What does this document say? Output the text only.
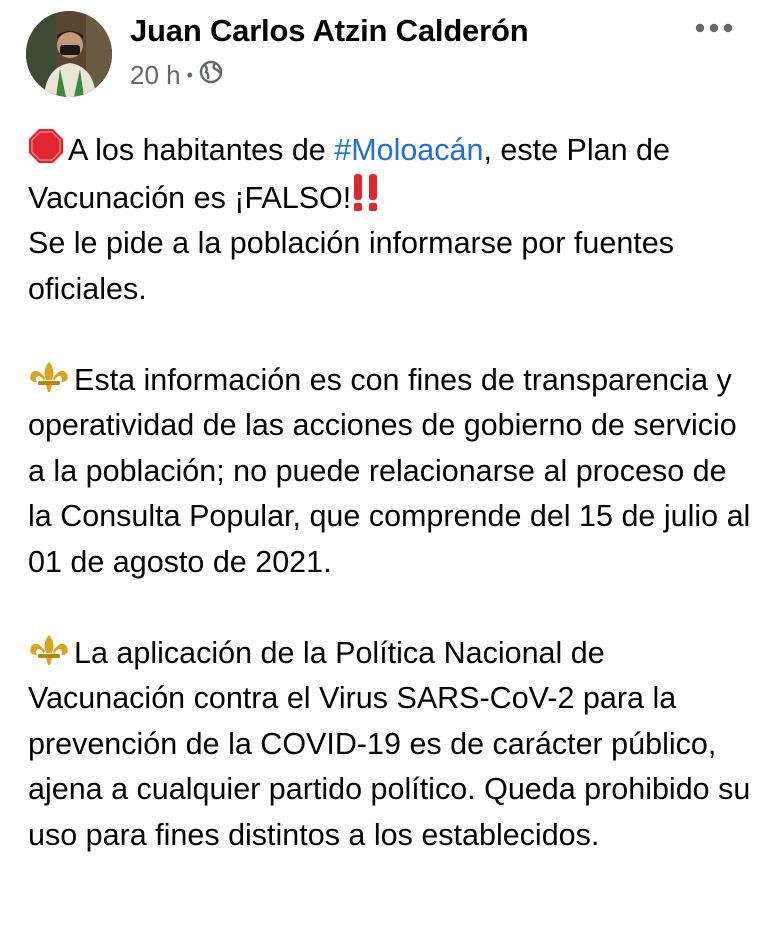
Juan Carlos Atzin Calderón
20 h •

A los habitantes de #Moloacán, este Plan de Vacunación es ¡FALSO!

Se le pide a la población informarse por fuentes oficiales.

Esta información es con fines de transparencia y operatividad de las acciones de gobierno de servicio a la población; no puede relacionarse al proceso de la Consulta Popular, que comprende del 15 de julio al 01 de agosto de 2021.

La aplicación de la Política Nacional de Vacunación contra el Virus SARS-CoV-2 para la prevención de la COVID-19 es de carácter público, ajena a cualquier partido político. Queda prohibido su uso para fines distintos a los establecidos.
